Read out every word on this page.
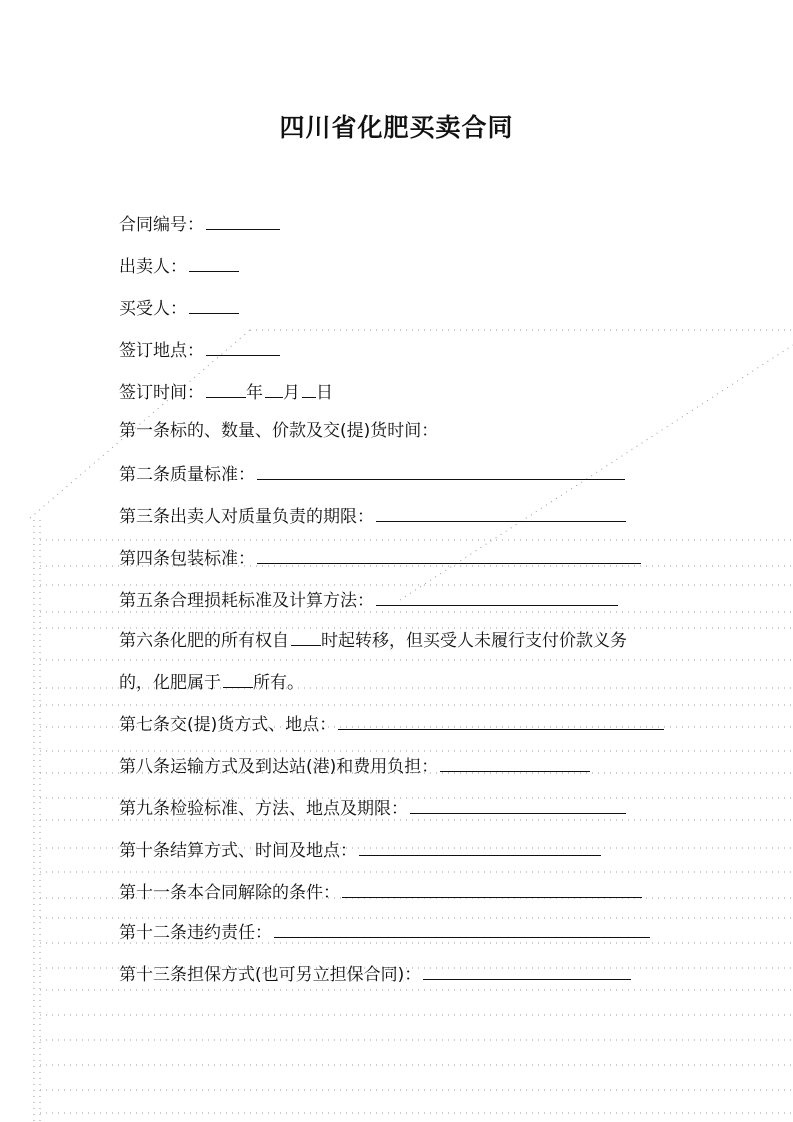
四川省化肥买卖合同
合同编号：
出卖人：
买受人：
签订地点：
签订时间： 年 月 日
第一条标的、数量、价款及交(提)货时间：
第二条质量标准：
第三条出卖人对质量负责的期限：
第四条包装标准：
第五条合理损耗标准及计算方法：
第六条化肥的所有权自 时起转移，但买受人未履行支付价款义务
的，化肥属于 所有。
第七条交(提)货方式、地点：
第八条运输方式及到达站(港)和费用负担：
第九条检验标准、方法、地点及期限：
第十条结算方式、时间及地点：
第十一条本合同解除的条件：
第十二条违约责任：
第十三条担保方式(也可另立担保合同)：
